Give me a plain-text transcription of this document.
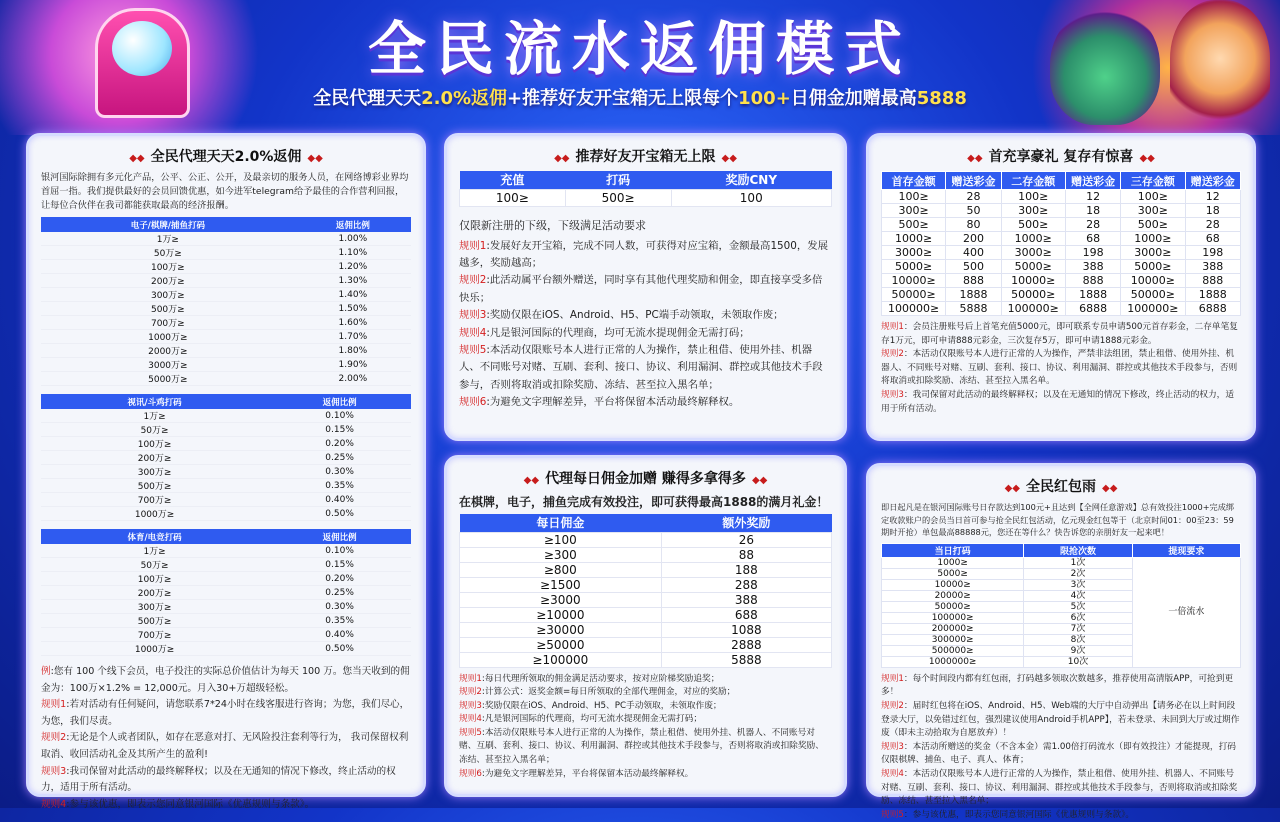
全民流水返佣模式
全民代理天天2.0%返佣+推荐好友开宝箱无上限每个100+日佣金加赠最高5888
◆◆ 全民代理天天2.0%返佣 ◆◆
银河国际除拥有多元化产品，公平、公正、公开，及最亲切的服务人员，在网络博彩业界均首屈一指。我们提供最好的会员回馈优惠，如今进军telegram给予最佳的合作营利回报，让每位合伙伴在我司都能获取最高的经济报酬。
电子/棋牌/捕鱼打码	返佣比例
1万≥	1.00%
50万≥	1.10%
100万≥	1.20%
200万≥	1.30%
300万≥	1.40%
500万≥	1.50%
700万≥	1.60%
1000万≥	1.70%
2000万≥	1.80%
3000万≥	1.90%
5000万≥	2.00%
视讯/斗鸡打码	返佣比例
1万≥	0.10%
50万≥	0.15%
100万≥	0.20%
200万≥	0.25%
300万≥	0.30%
500万≥	0.35%
700万≥	0.40%
1000万≥	0.50%
体育/电竞打码	返佣比例
1万≥	0.10%
50万≥	0.15%
100万≥	0.20%
200万≥	0.25%
300万≥	0.30%
500万≥	0.35%
700万≥	0.40%
1000万≥	0.50%
例:您有 100 个线下会员，电子投注的实际总价值估计为每天 100 万。您当天收到的佣金为：100万×1.2% = 12,000元。月入30+万超级轻松。
规则1:若对活动有任何疑问，请您联系7*24小时在线客服进行咨询；为您，我们尽心，为您，我们尽责。
规则2:无论是个人或者团队，如存在恶意对打、无风险投注套利等行为， 我司保留权利取消、收回活动礼金及其所产生的盈利!
规则3:我司保留对此活动的最终解释权；以及在无通知的情况下修改，终止活动的权力，适用于所有活动。
规则4:参与该优惠，即表示您同意银河国际《优惠规则与条款》。
◆◆ 推荐好友开宝箱无上限 ◆◆
充值	打码	奖励CNY
100≥	500≥	100
仅限新注册的下级，下级满足活动要求
规则1:发展好友开宝箱，完成不同人数，可获得对应宝箱，金额最高1500，发展越多，奖励越高；
规则2:此活动属平台额外赠送，同时享有其他代理奖励和佣金，即直接享受多倍快乐；
规则3:奖励仅限在iOS、Android、H5、PC端手动领取，未领取作废；
规则4:凡是银河国际的代理商，均可无流水提现佣金无需打码；
规则5:本活动仅限账号本人进行正常的人为操作，禁止租借、使用外挂、机器人、不同账号对赌、互刷、套利、接口、协议、利用漏洞、群控或其他技术手段参与，否则将取消或扣除奖励、冻结、甚至拉入黑名单；
规则6:为避免文字理解差异，平台将保留本活动最终解释权。
◆◆ 首充享豪礼 复存有惊喜 ◆◆
首存金额	赠送彩金	二存金额	赠送彩金	三存金额	赠送彩金
100≥	28	100≥	12	100≥	12
300≥	50	300≥	18	300≥	18
500≥	80	500≥	28	500≥	28
1000≥	200	1000≥	68	1000≥	68
3000≥	400	3000≥	198	3000≥	198
5000≥	500	5000≥	388	5000≥	388
10000≥	888	10000≥	888	10000≥	888
50000≥	1888	50000≥	1888	50000≥	1888
100000≥	5888	100000≥	6888	100000≥	6888
规则1：会员注册账号后上首笔充值5000元，即可联系专员申请500元首存彩金，二存单笔复存1万元，即可申请888元彩金，三次复存5万，即可申请1888元彩金。
规则2：本活动仅限账号本人进行正常的人为操作，严禁非法组团，禁止租借、使用外挂、机器人、不同账号对赌、互刷、套利、接口、协议、利用漏洞、群控或其他技术手段参与，否则将取消或扣除奖励、冻结、甚至拉入黑名单。
规则3：我司保留对此活动的最终解释权；以及在无通知的情况下修改，终止活动的权力，适用于所有活动。
◆◆ 代理每日佣金加赠 赚得多拿得多 ◆◆
在棋牌，电子，捕鱼完成有效投注，即可获得最高1888的满月礼金！
每日佣金	额外奖励
≥100	26
≥300	88
≥800	188
≥1500	288
≥3000	388
≥10000	688
≥30000	1088
≥50000	2888
≥100000	5888
规则1:每日代理所领取的佣金满足活动要求，按对应阶梯奖励追奖；
规则2:计算公式：返奖金额=每日所领取的全部代理佣金，对应的奖励；
规则3:奖励仅限在iOS、Android、H5、PC手动领取，未领取作废；
规则4:凡是银河国际的代理商，均可无流水提现佣金无需打码；
规则5:本活动仅限账号本人进行正常的人为操作，禁止租借、使用外挂、机器人、不同账号对赌、互刷、套利、接口、协议、利用漏洞、群控或其他技术手段参与，否则将取消或扣除奖励、冻结、甚至拉入黑名单；
规则6:为避免文字理解差异，平台将保留本活动最终解释权。
◆◆ 全民红包雨 ◆◆
即日起凡是在银河国际账号日存款达到100元+且达到【全网任意游戏】总有效投注1000+完成绑定收款账户的会员当日首可参与抢全民红包活动，亿元现金红包等于（北京时间01：00至23：59期时开抢）单包最高88888元，您还在等什么？快告诉您的亲朋好友一起来吧！
当日打码	限抢次数	提现要求
1000≥	1次	一倍流水
5000≥	2次	
10000≥	3次	
20000≥	4次	
50000≥	5次	
100000≥	6次	
200000≥	7次	
300000≥	8次	
500000≥	9次	
1000000≥	10次	
规则1：每个时间段内都有红包雨，打码越多领取次数越多，推荐使用高清版APP，可抢到更多！
规则2：届时红包将在iOS、Android、H5、Web端的大厅中自动弹出【请务必在以上时间段登录大厅，以免错过红包，强烈建议使用Android手机APP】，若未登录、未回到大厅或过期作废（即未主动拾取为自愿放弃）！
规则3：本活动所赠送的奖金（不含本金）需1.00倍打码流水（即有效投注）才能提现，打码仅限棋牌、捕鱼、电子、真人、体育；
规则4：本活动仅限账号本人进行正常的人为操作，禁止租借、使用外挂、机器人、不同账号对赌、互刷、套利、接口、协议、利用漏洞、群控或其他技术手段参与，否则将取消或扣除奖励、冻结、甚至拉入黑名单；
规则5：参与该优惠，即表示您同意银河国际《优惠规则与条款》。
